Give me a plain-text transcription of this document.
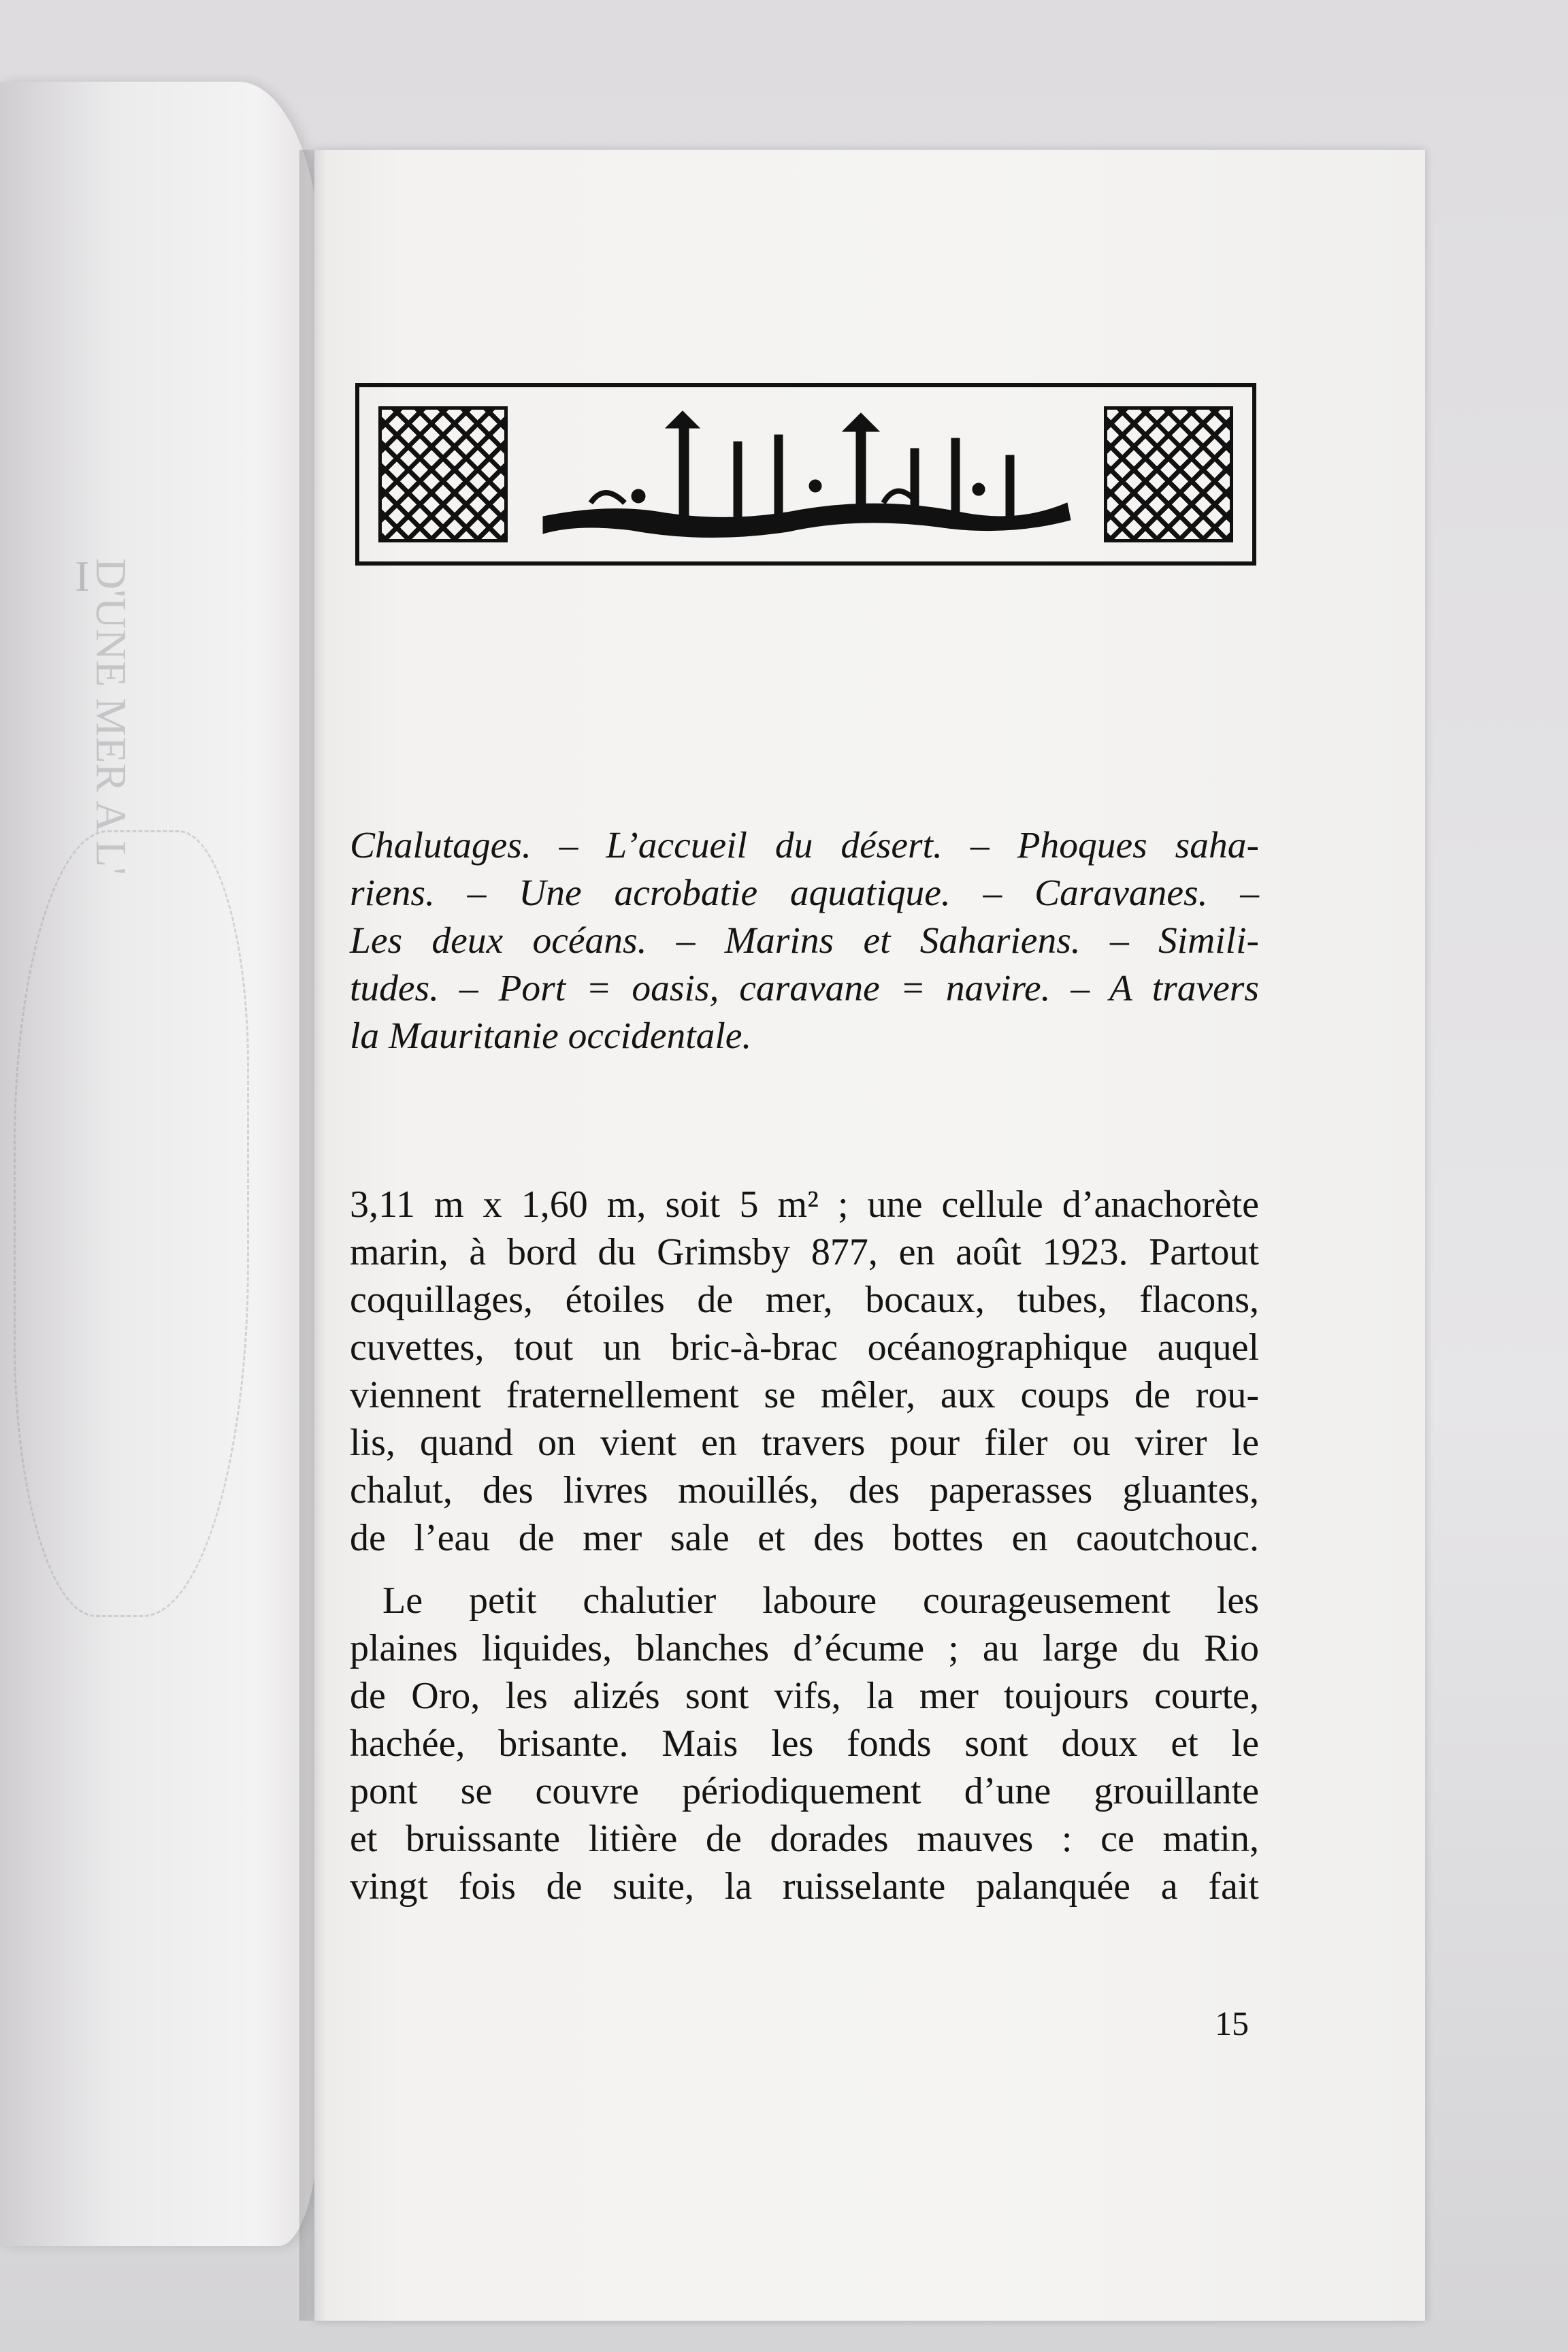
I
D'UNE MER A L'	Chalutages. – L’accueil du désert. – Phoques saha-
riens. – Une acrobatie aquatique. – Caravanes. –
Les deux océans. – Marins et Sahariens. – Simili-
tudes. – Port = oasis, caravane = navire. – A travers
la Mauritanie occidentale.

3,11 m x 1,60 m, soit 5 m² ; une cellule d’anachorète
marin, à bord du Grimsby 877, en août 1923. Partout
coquillages, étoiles de mer, bocaux, tubes, flacons,
cuvettes, tout un bric-à-brac océanographique auquel
viennent fraternellement se mêler, aux coups de rou-
lis, quand on vient en travers pour filer ou virer le
chalut, des livres mouillés, des paperasses gluantes,
de l’eau de mer sale et des bottes en caoutchouc.

Le petit chalutier laboure courageusement les
plaines liquides, blanches d’écume ; au large du Rio
de Oro, les alizés sont vifs, la mer toujours courte,
hachée, brisante. Mais les fonds sont doux et le
pont se couvre périodiquement d’une grouillante
et bruissante litière de dorades mauves : ce matin,
vingt fois de suite, la ruisselante palanquée a fait

15
